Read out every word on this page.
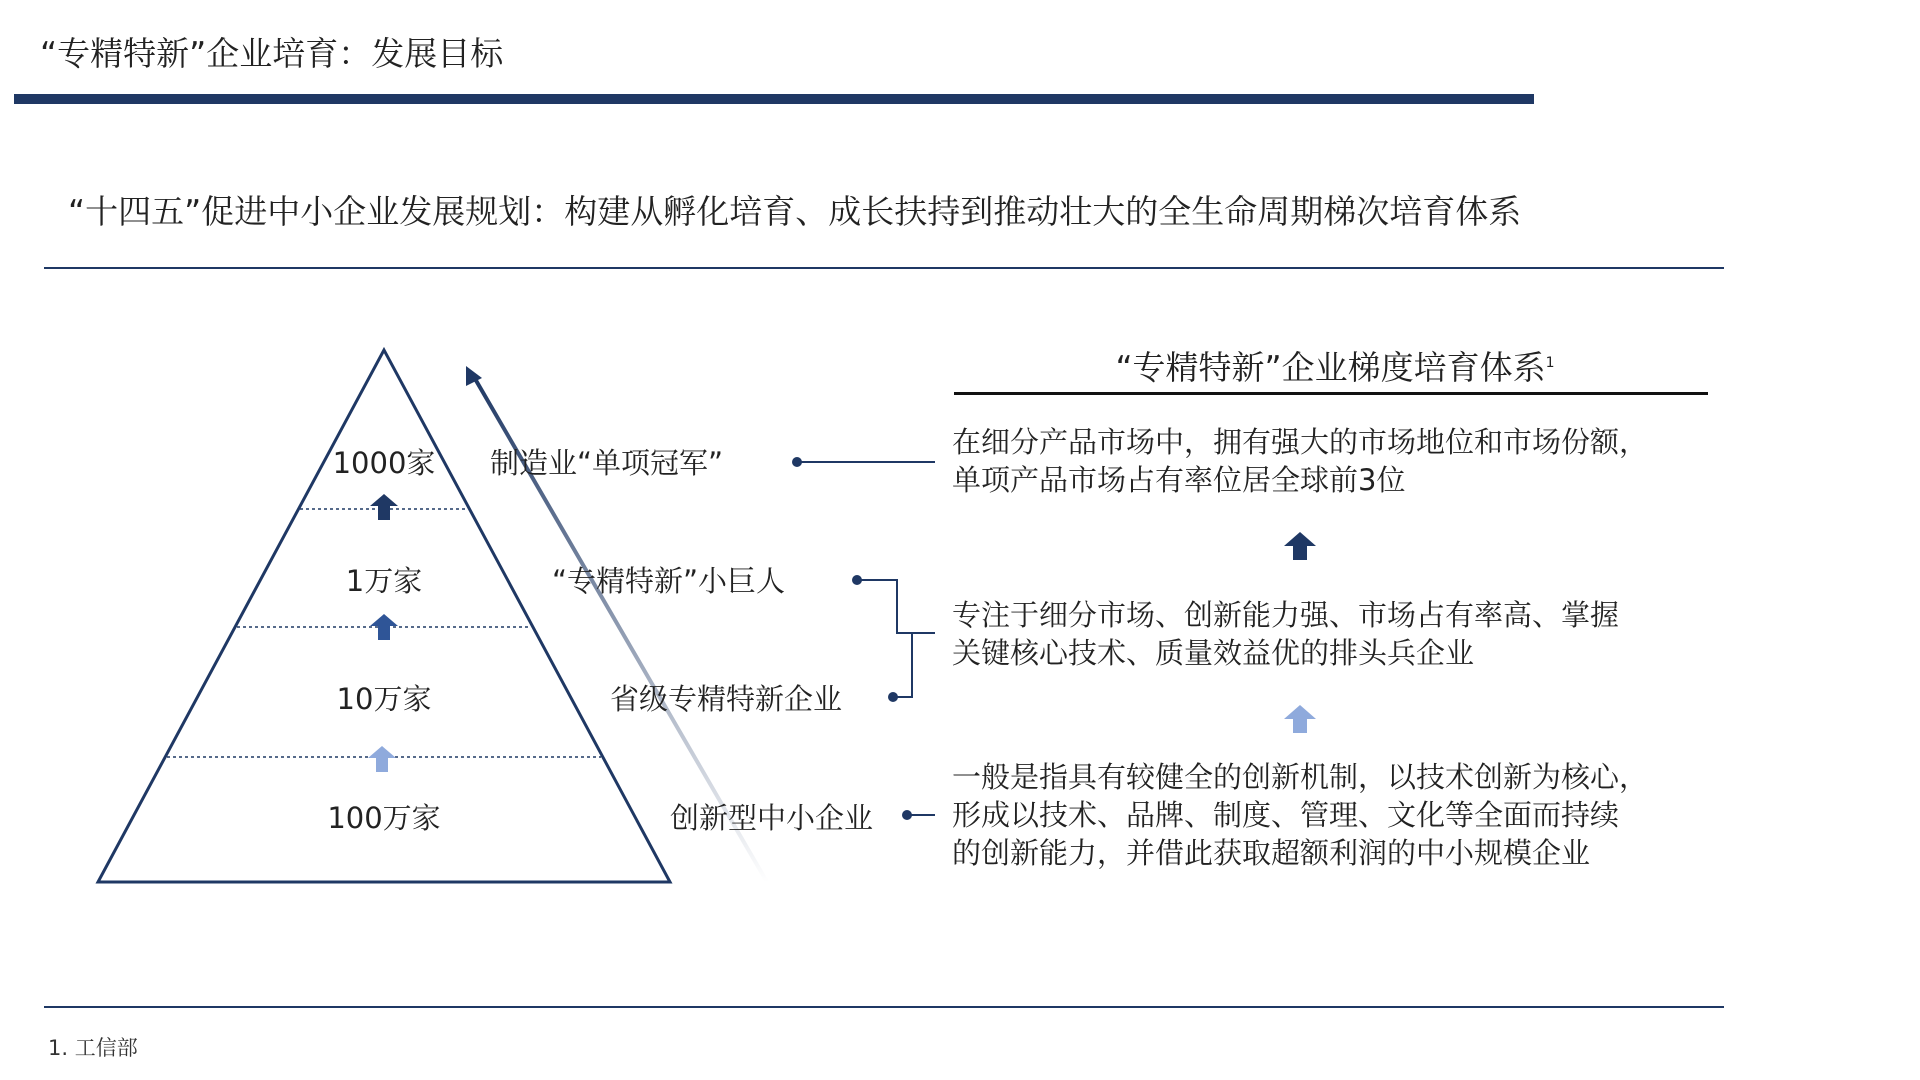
“专精特新”企业培育：发展目标
“十四五”促进中小企业发展规划：构建从孵化培育、成长扶持到推动壮大的全生命周期梯次培育体系
1000家
1万家
10万家
100万家
制造业“单项冠军”
“专精特新”小巨人
省级专精特新企业
创新型中小企业
“专精特新”企业梯度培育体系$^1$
在细分产品市场中，拥有强大的市场地位和市场份额，
单项产品市场占有率位居全球前3位
专注于细分市场、创新能力强、市场占有率高、掌握
关键核心技术、质量效益优的排头兵企业
一般是指具有较健全的创新机制，以技术创新为核心，
形成以技术、品牌、制度、管理、文化等全面而持续
的创新能力，并借此获取超额利润的中小规模企业
1. 工信部
